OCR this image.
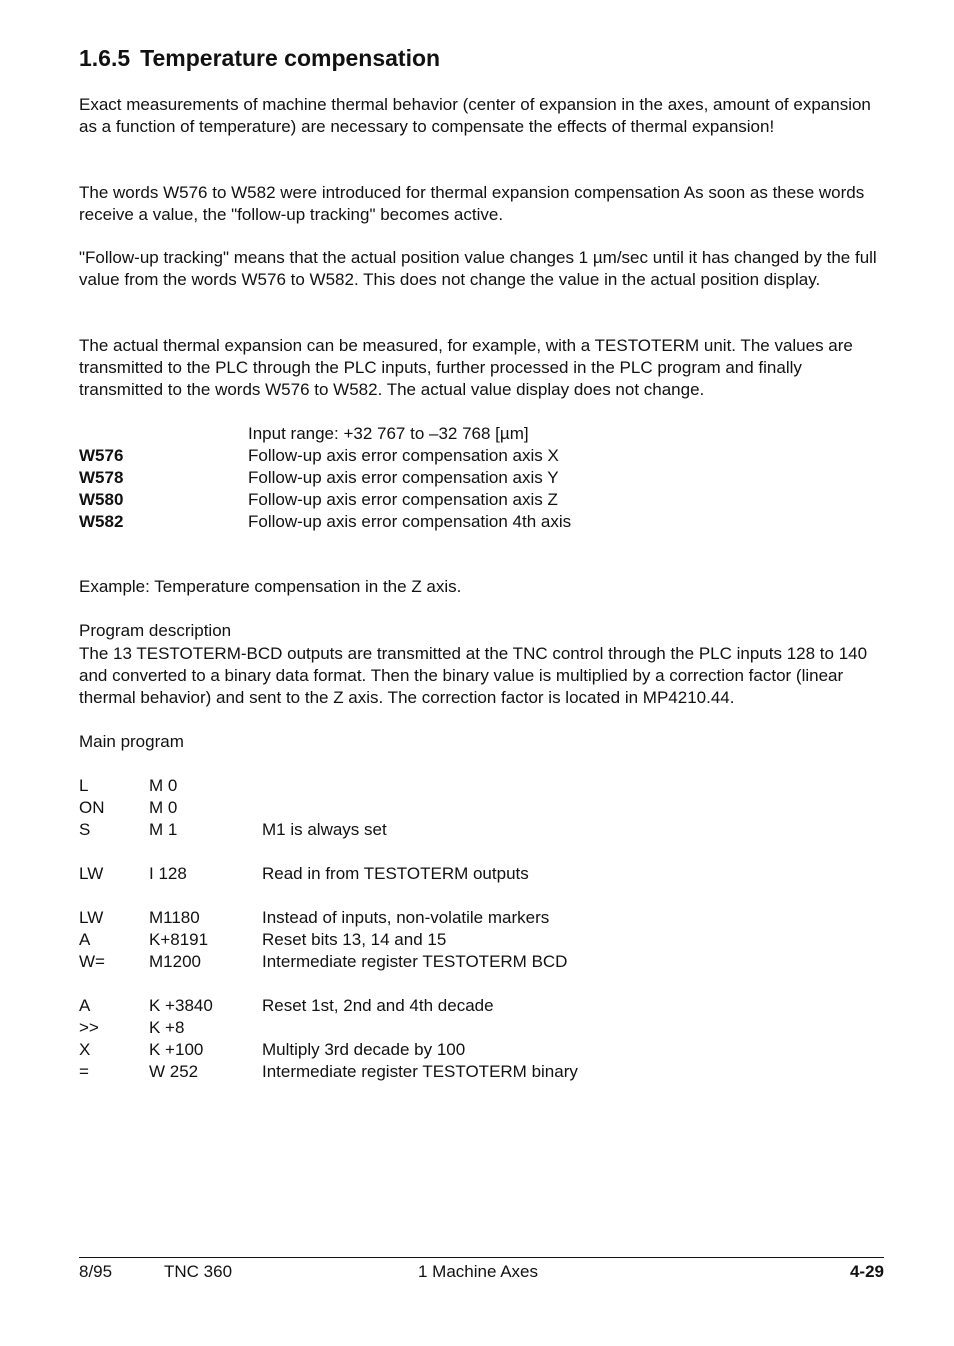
1.6.5 Temperature compensation

Exact measurements of machine thermal behavior (center of expansion in the axes, amount of expansion as a function of temperature) are necessary to compensate the effects of thermal expansion!

The words W576 to W582 were introduced for thermal expansion compensation As soon as these words receive a value, the "follow-up tracking" becomes active.

"Follow-up tracking" means that the actual position value changes 1 µm/sec until it has changed by the full value from the words W576 to W582. This does not change the value in the actual position display.

The actual thermal expansion can be measured, for example, with a TESTOTERM unit. The values are transmitted to the PLC through the PLC inputs, further processed in the PLC program and finally transmitted to the words W576 to W582. The actual value display does not change.

Input range: +32 767 to –32 768 [µm]
W576	Follow-up axis error compensation axis X
W578	Follow-up axis error compensation axis Y
W580	Follow-up axis error compensation axis Z
W582	Follow-up axis error compensation 4th axis

Example: Temperature compensation in the Z axis.

Program description

The 13 TESTOTERM-BCD outputs are transmitted at the TNC control through the PLC inputs 128 to 140 and converted to a binary data format. Then the binary value is multiplied by a correction factor (linear thermal behavior) and sent to the Z axis. The correction factor is located in MP4210.44.

Main program

L	M 0
ON	M 0
S	M 1	M1 is always set
LW	I 128	Read in from TESTOTERM outputs
LW	M1180	Instead of inputs, non-volatile markers
A	K+8191	Reset bits 13, 14 and 15
W=	M1200	Intermediate register TESTOTERM BCD
A	K +3840	Reset 1st, 2nd and 4th decade
>>	K +8
X	K +100	Multiply 3rd decade by 100
=	W 252	Intermediate register TESTOTERM binary
8/95	TNC 360	1 Machine Axes	4-29
